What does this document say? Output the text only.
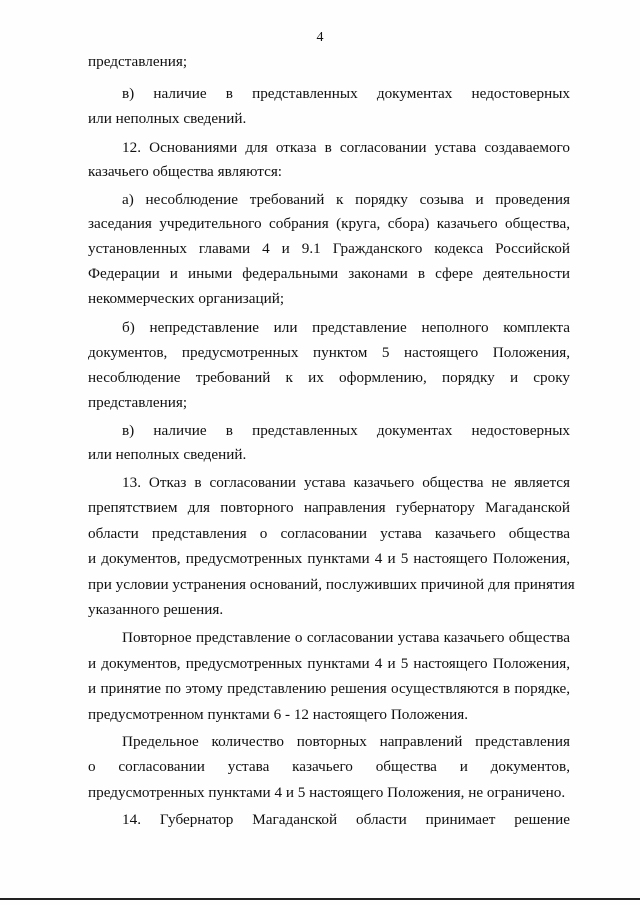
4
представления;
в) наличие в представленных документах недостоверных
или неполных сведений.
12. Основаниями для отказа в согласовании устава создаваемого
казачьего общества являются:
а) несоблюдение требований к порядку созыва и проведения
заседания учредительного собрания (круга, сбора) казачьего общества,
установленных главами 4 и 9.1 Гражданского кодекса Российской
Федерации и иными федеральными законами в сфере деятельности
некоммерческих организаций;
б) непредставление или представление неполного комплекта
документов, предусмотренных пунктом 5 настоящего Положения,
несоблюдение требований к их оформлению, порядку и сроку
представления;
в) наличие в представленных документах недостоверных
или неполных сведений.
13. Отказ в согласовании устава казачьего общества не является
препятствием для повторного направления губернатору Магаданской
области представления о согласовании устава казачьего общества
и документов, предусмотренных пунктами 4 и 5 настоящего Положения,
при условии устранения оснований, послуживших причиной для принятия
указанного решения.
Повторное представление о согласовании устава казачьего общества
и документов, предусмотренных пунктами 4 и 5 настоящего Положения,
и принятие по этому представлению решения осуществляются в порядке,
предусмотренном пунктами 6 - 12 настоящего Положения.
Предельное количество повторных направлений представления
о согласовании устава казачьего общества и документов,
предусмотренных пунктами 4 и 5 настоящего Положения, не ограничено.
14. Губернатор Магаданской области принимает решение
